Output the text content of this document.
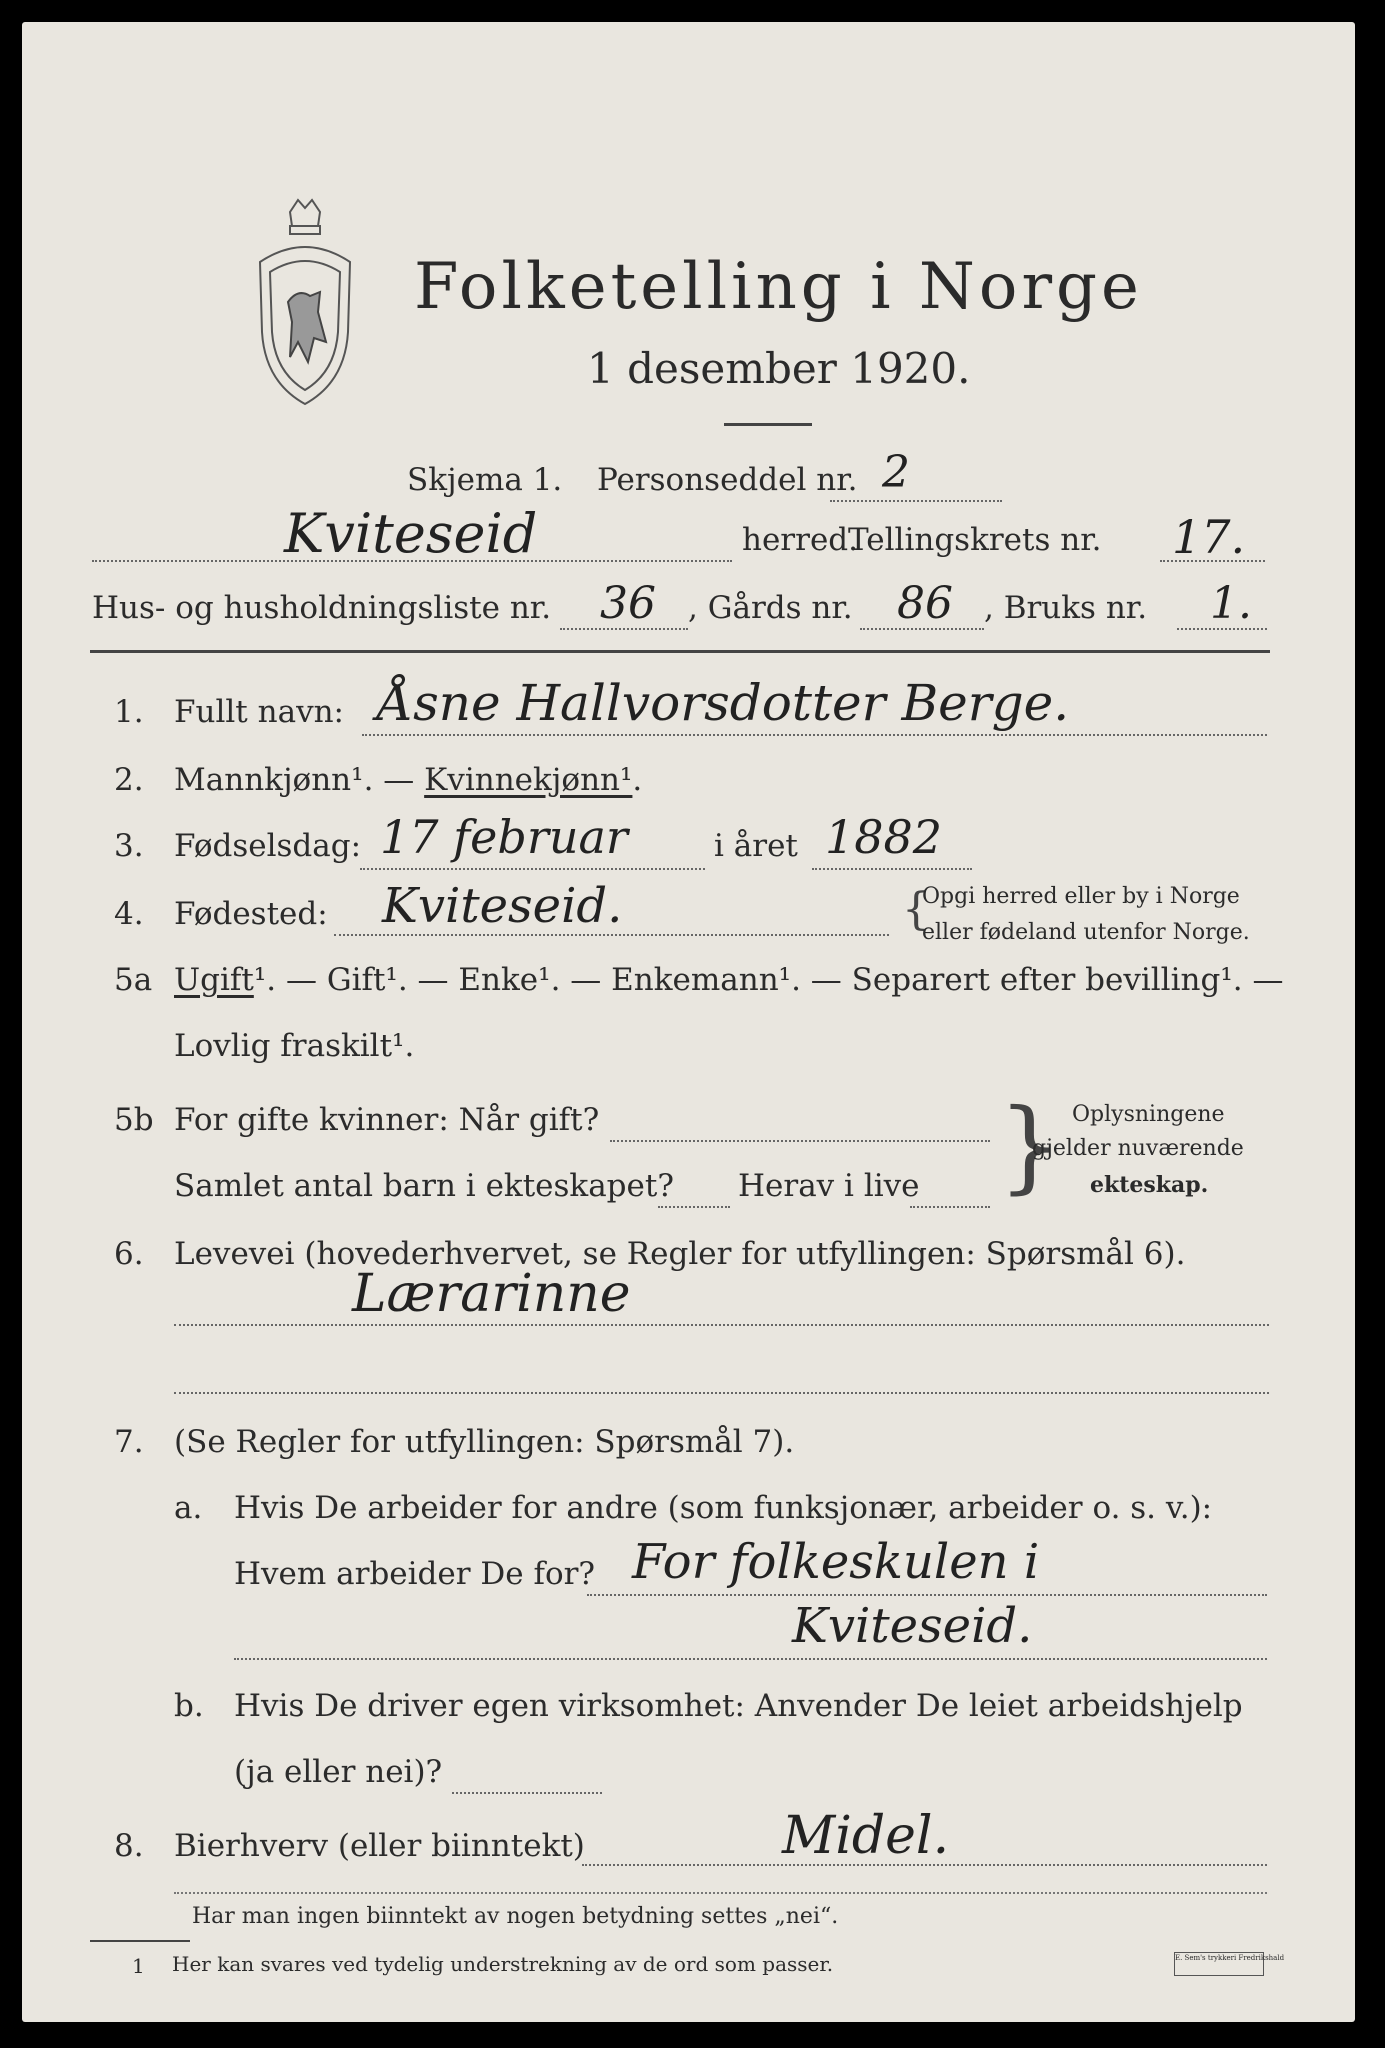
Folketelling i Norge
1 desember 1920.
Skjema 1. Personseddel nr. 2
Kviteseid	herred.
Tellingskrets nr. 17.
Hus- og husholdningsliste nr. 36 , Gårds nr. 86 , Bruks nr. 1.
1. Fullt navn: Åsne Hallvorsdotter Berge.
2. Mannkjønn¹. — Kvinnekjønn¹.
3. Fødselsdag: 17 februar	i året 1882
4. Fødested: Kviteseid.	{
Opgi herred eller by i Norge
eller fødeland utenfor Norge.
5a Ugift¹. — Gift¹. — Enke¹. — Enkemann¹. — Separert efter bevilling¹. —
Lovlig fraskilt¹.
5b For gifte kvinner: Når gift?
Samlet antal barn i ekteskapet? Herav i live } Oplysningene
gjelder nuværende
ekteskap.
6. Levevei (hovederhvervet, se Regler for utfyllingen: Spørsmål 6).
Lærarinne
7. (Se Regler for utfyllingen: Spørsmål 7).
a. Hvis De arbeider for andre (som funksjonær, arbeider o. s. v.):
Hvem arbeider De for? For folkeskulen i
Kviteseid.
b. Hvis De driver egen virksomhet: Anvender De leiet arbeidshjelp
(ja eller nei)?
8. Bierhverv (eller biinntekt)	Midel.
Har man ingen biinntekt av nogen betydning settes „nei“.
1 Her kan svares ved tydelig understrekning av de ord som passer.	E. Sem's trykkeri Fredrikshald
